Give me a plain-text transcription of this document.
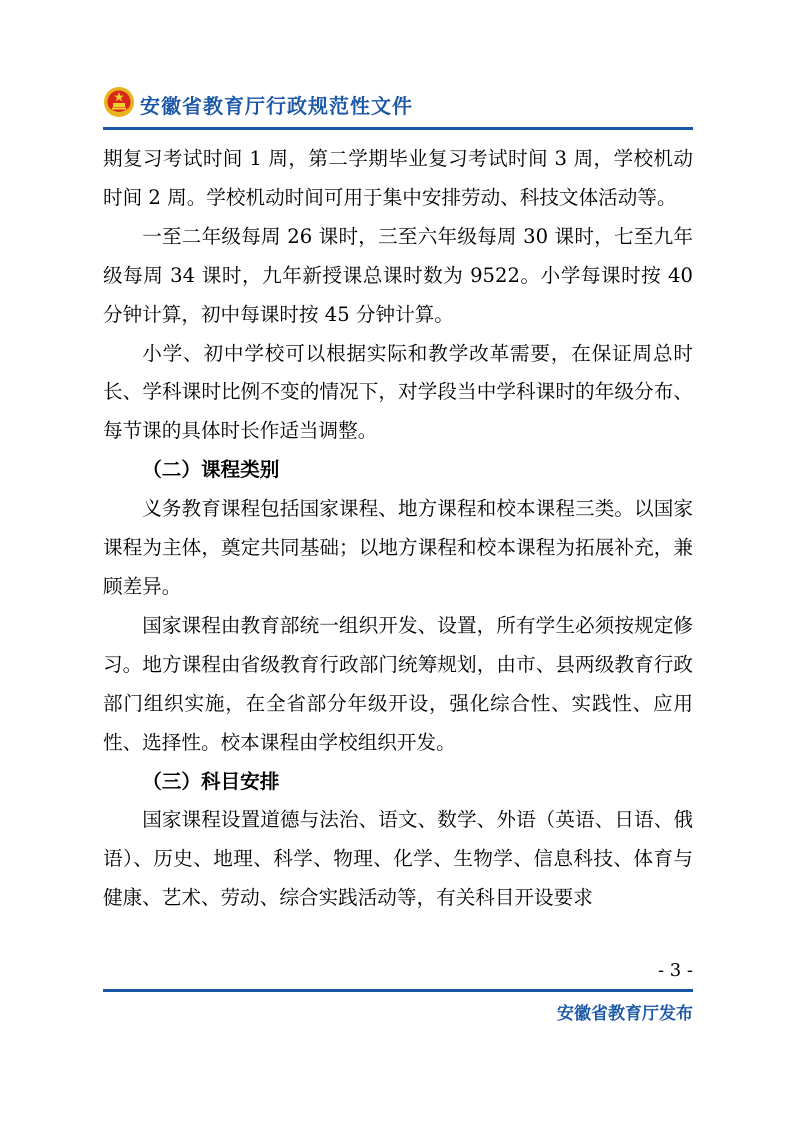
安徽省教育厅行政规范性文件

期复习考试时间 1 周，第二学期毕业复习考试时间 3 周，学校机动时间 2 周。学校机动时间可用于集中安排劳动、科技文体活动等。

一至二年级每周 26 课时，三至六年级每周 30 课时，七至九年级每周 34 课时，九年新授课总课时数为 9522。小学每课时按 40 分钟计算，初中每课时按 45 分钟计算。

小学、初中学校可以根据实际和教学改革需要，在保证周总时长、学科课时比例不变的情况下，对学段当中学科课时的年级分布、每节课的具体时长作适当调整。

（二）课程类别

义务教育课程包括国家课程、地方课程和校本课程三类。以国家课程为主体，奠定共同基础；以地方课程和校本课程为拓展补充，兼顾差异。

国家课程由教育部统一组织开发、设置，所有学生必须按规定修习。地方课程由省级教育行政部门统筹规划，由市、县两级教育行政部门组织实施，在全省部分年级开设，强化综合性、实践性、应用性、选择性。校本课程由学校组织开发。

（三）科目安排

国家课程设置道德与法治、语文、数学、外语（英语、日语、俄语）、历史、地理、科学、物理、化学、生物学、信息科技、体育与健康、艺术、劳动、综合实践活动等，有关科目开设要求

- 3 -
安徽省教育厅发布
